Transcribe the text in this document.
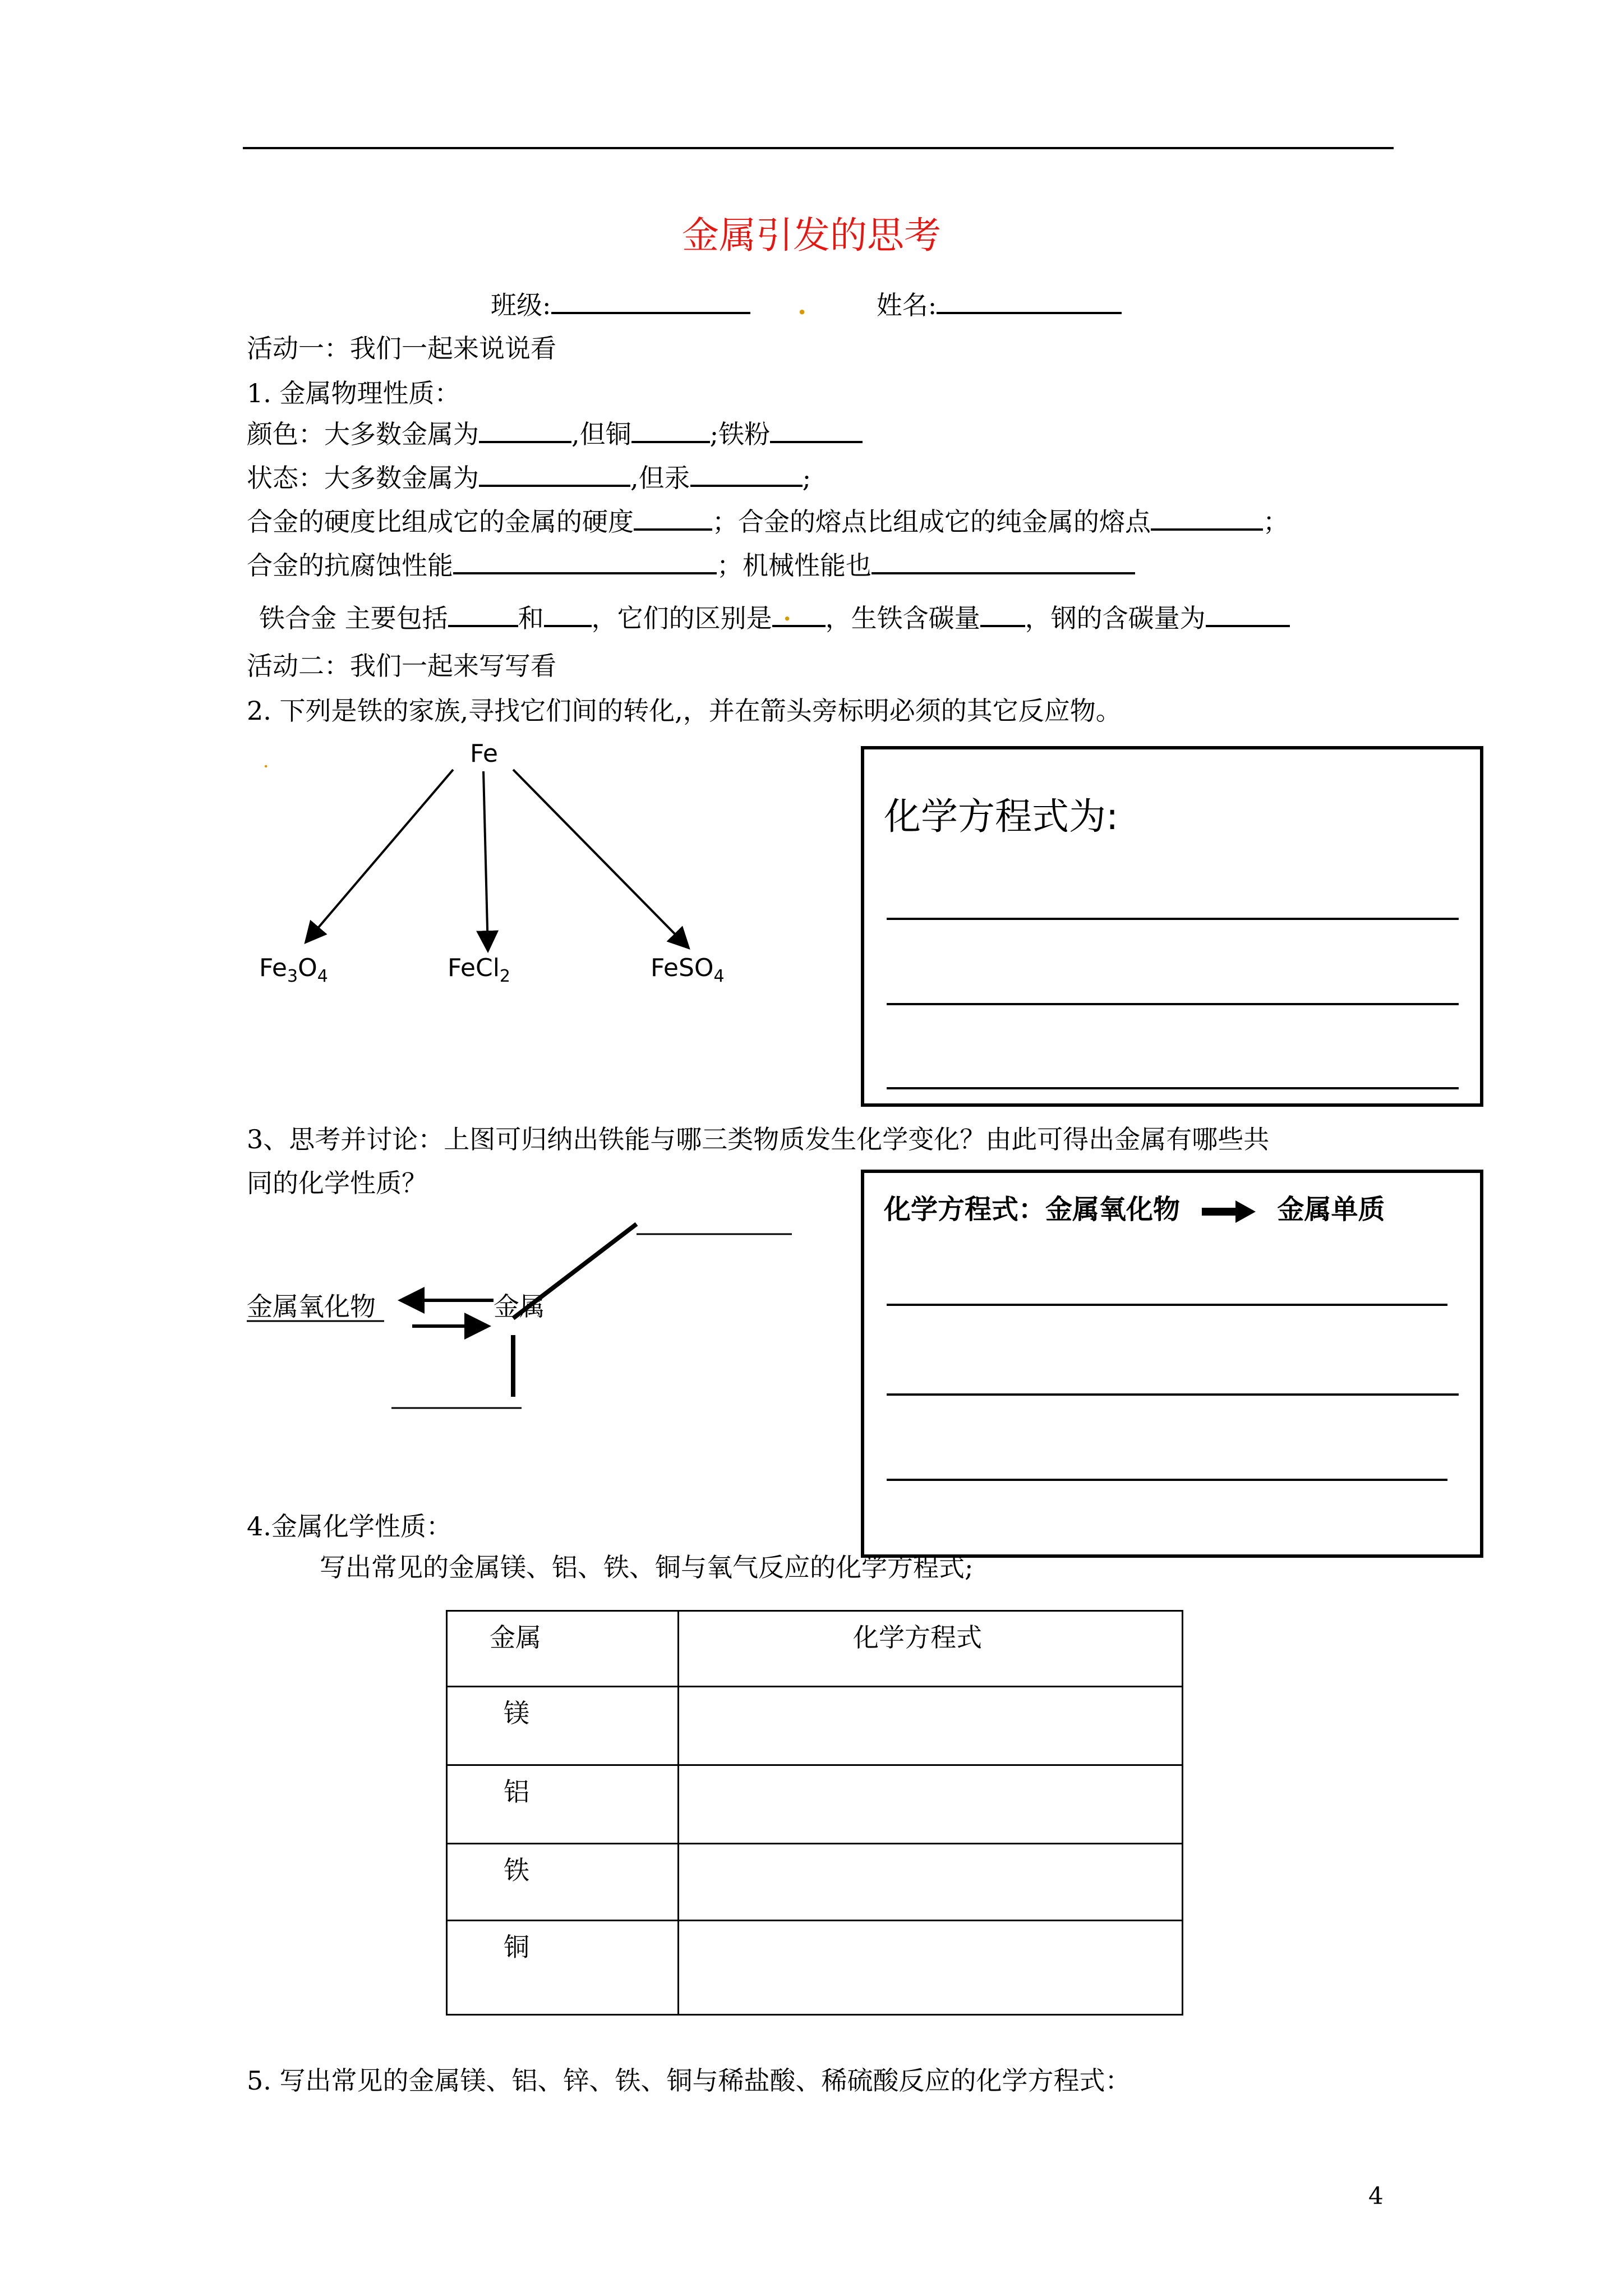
金属引发的思考
班级:	.	姓名:
活动一：我们一起来说说看
1. 金属物理性质：
颜色：大多数金属为	,但铜	;铁粉
状态：大多数金属为	,但汞	;
合金的硬度比组成它的金属的硬度	；合金的熔点比组成它的纯金属的熔点	；
合金的抗腐蚀性能	；机械性能也
铁合金 主要包括	和 ，它们的区别是 . ，生铁含碳量 ，钢的含碳量为
活动二：我们一起来写写看
2. 下列是铁的家族,寻找它们间的转化,，并在箭头旁标明必须的其它反应物。
Fe
$Fe_3O_4$	FeCl$_2$	FeSO$_4$
.
化学方程式为:
3、思考并讨论：上图可归纳出铁能与哪三类物质发生化学变化？由此可得出金属有哪些共
同的化学性质？
金属氧化物	金属
化学方程式：金属氧化物	金属单质
4.金属化学性质：
写出常见的金属镁、铝、铁、铜与氧气反应的化学方程式;
金属	化学方程式
镁	
铝	
铁	
铜	
5. 写出常见的金属镁、铝、锌、铁、铜与稀盐酸、稀硫酸反应的化学方程式：
4
